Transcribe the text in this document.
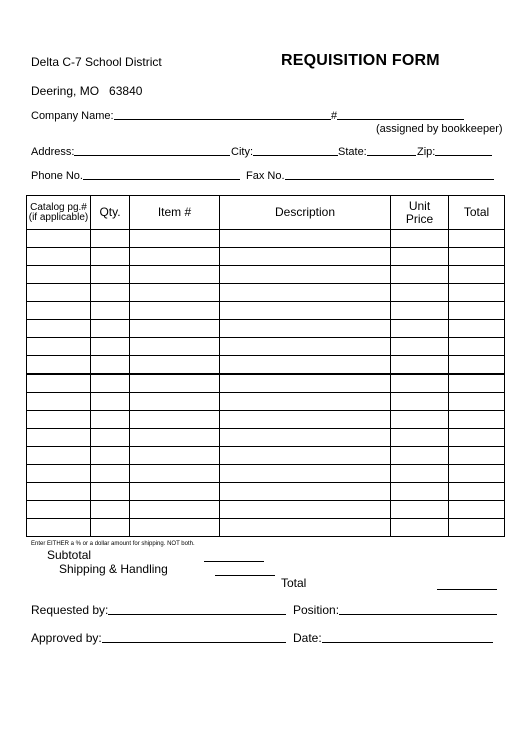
Delta C-7 School District	REQUISITION FORM
Deering, MO 63840
Company Name:	#
(assigned by bookkeeper)
Address:	City:	State:	Zip:
Phone No.	Fax No.
Catalog pg.# (if applicable)	Qty.	Item #	Description	Unit Price	Total

Enter EITHER a % or a dollar amount for shipping. NOT both.
Subtotal
Shipping & Handling
Total
Requested by:	Position:
Approved by:	Date:
